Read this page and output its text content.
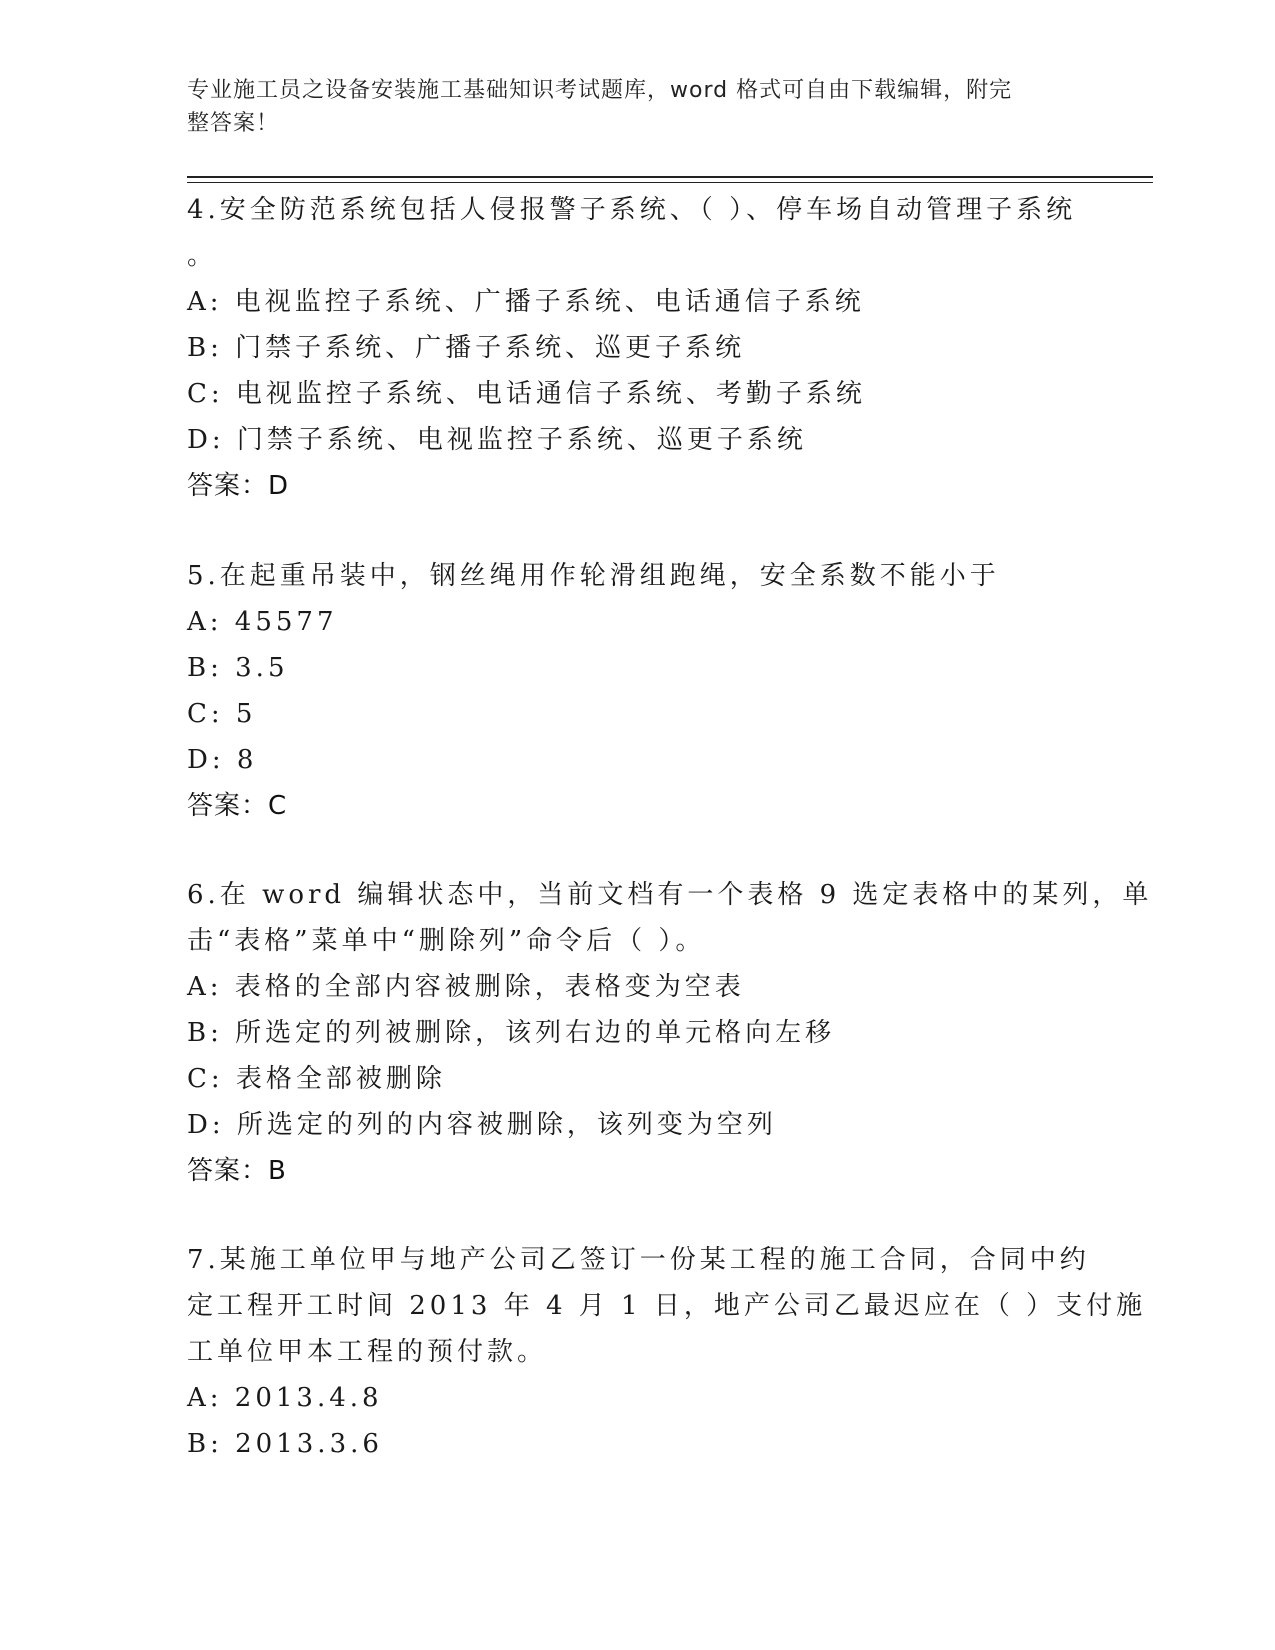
专业施工员之设备安装施工基础知识考试题库，word 格式可自由下载编辑，附完
整答案！
4.安全防范系统包括人侵报警子系统、（ ）、停车场自动管理子系统
。
A: 电视监控子系统、广播子系统、电话通信子系统
B: 门禁子系统、广播子系统、巡更子系统
C: 电视监控子系统、电话通信子系统、考勤子系统
D: 门禁子系统、电视监控子系统、巡更子系统
答案：D
5.在起重吊装中，钢丝绳用作轮滑组跑绳，安全系数不能小于
A: 45577
B: 3.5
C: 5
D: 8
答案：C
6.在 word 编辑状态中，当前文档有一个表格 9 选定表格中的某列，单
击“表格”菜单中“删除列”命令后（ ）。
A: 表格的全部内容被删除，表格变为空表
B: 所选定的列被删除，该列右边的单元格向左移
C: 表格全部被删除
D: 所选定的列的内容被删除，该列变为空列
答案：B
7.某施工单位甲与地产公司乙签订一份某工程的施工合同，合同中约
定工程开工时间 2013 年 4 月 1 日，地产公司乙最迟应在（ ）支付施
工单位甲本工程的预付款。
A: 2013.4.8
B: 2013.3.6
